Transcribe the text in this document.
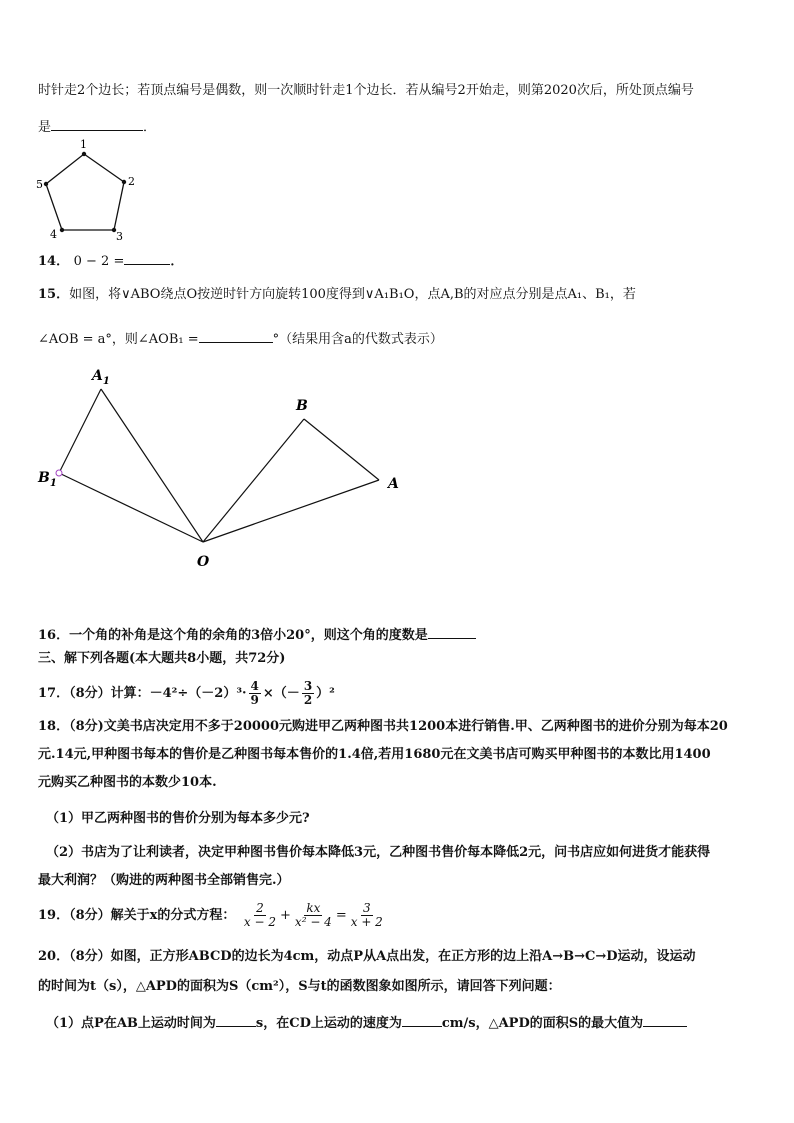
时针走2个边长；若顶点编号是偶数，则一次顺时针走1个边长．若从编号2开始走，则第2020次后，所处顶点编号
是	．
1
2
3
4
5
14． 0 − 2 =	．
15．如图，将∨ABO绕点O按逆时针方向旋转100度得到∨A₁B₁O，点A,B的对应点分别是点A₁、B₁，若
∠AOB = a°，则∠AOB₁ =	°（结果用含a的代数式表示）
$A_1$
B
$B_1$	A
O
16．一个角的补角是这个角的余角的3倍小20°，则这个角的度数是
三、解下列各题(本大题共8小题，共72分)
17．（8分）计算：$-4^2\div(-2)^3\cdot \frac{4}{9}$ ×（－ $\frac{3}{2} )^2$
18．（8分)文美书店决定用不多于20000元购进甲乙两种图书共1200本进行销售.甲、乙两种图书的进价分别为每本20
元.14元,甲种图书每本的售价是乙种图书每本售价的1.4倍,若用1680元在文美书店可购买甲种图书的本数比用1400
元购买乙种图书的本数少10本.
（1）甲乙两种图书的售价分别为每本多少元?
（2）书店为了让利读者，决定甲种图书售价每本降低3元，乙种图书售价每本降低2元，问书店应如何进货才能获得
最大利润？（购进的两种图书全部销售完.）
19．（8分）解关于x的分式方程： $\frac{2}{x - 2} + \frac{kx}{\text{x² − 4}} = \frac{3}{x + 2}$
20．（8分）如图，正方形ABCD的边长为4cm，动点P从A点出发，在正方形的边上沿A→B→C→D运动，设运动
的时间为t（s），△APD的面积为S（cm²），S与t的函数图象如图所示，请回答下列问题：
（1）点P在AB上运动时间为	s，在CD上运动的速度为	cm/s，△APD的面积S的最大值为
